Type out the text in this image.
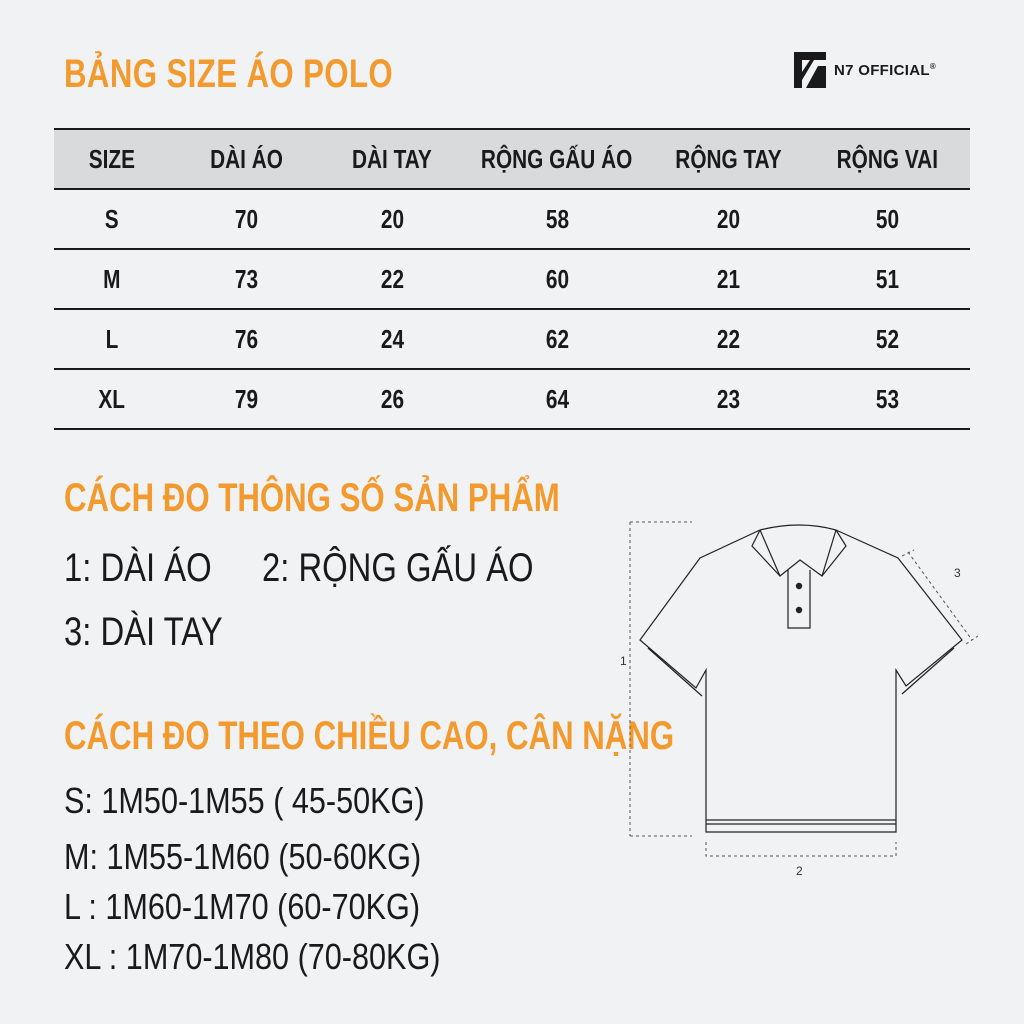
BẢNG SIZE ÁO POLO	N7 OFFICIAL®
SIZE	DÀI ÁO	DÀI TAY	RỘNG GẤU ÁO	RỘNG TAY	RỘNG VAI
S	70	20	58	20	50
M	73	22	60	21	51
L	76	24	62	22	52
XL	79	26	64	23	53
CÁCH ĐO THÔNG SỐ SẢN PHẨM
1: DÀI ÁO	2: RỘNG GẤU ÁO
3: DÀI TAY
CÁCH ĐO THEO CHIỀU CAO, CÂN NẶNG
S: 1M50-1M55 ( 45-50KG)
M: 1M55-1M60 (50-60KG)
L : 1M60-1M70 (60-70KG)
XL : 1M70-1M80 (70-80KG)
1
2
3
